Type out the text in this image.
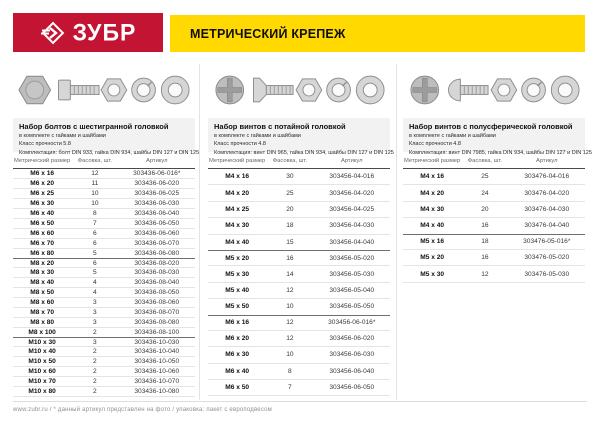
ЗУБР	МЕТРИЧЕСКИЙ КРЕПЕЖ
Набор болтов с шестигранной головкой

в комплекте с гайками и шайбами

Класс прочности 5.8

Комплектация: болт DIN 933, гайка DIN 934, шайбы DIN 127 и DIN 125

Метрический размер	Фасовка, шт.	Артикул
М6 х 16	12	303436-06-016*
М6 х 20	11	303436-06-020
М6 х 25	10	303436-06-025
М6 х 30	10	303436-06-030
М6 х 40	8	303436-06-040
М6 х 50	7	303436-06-050
М6 х 60	6	303436-06-060
М6 х 70	6	303436-06-070
М6 х 80	5	303436-06-080
М8 х 20	6	303436-08-020
М8 х 30	5	303436-08-030
М8 х 40	4	303436-08-040
М8 х 50	4	303436-08-050
М8 х 60	3	303436-08-060
М8 х 70	3	303436-08-070
М8 х 80	3	303436-08-080
М8 х 100	2	303436-08-100
М10 х 30	3	303436-10-030
М10 х 40	2	303436-10-040
М10 х 50	2	303436-10-050
М10 х 60	2	303436-10-060
М10 х 70	2	303436-10-070
М10 х 80	2	303436-10-080
Набор винтов с потайной головкой

в комплекте с гайками и шайбами

Класс прочности 4.8

Комплектация: винт DIN 965, гайка DIN 934, шайбы DIN 127 и DIN 125

Метрический размер	Фасовка, шт.	Артикул
М4 х 16	30	303456-04-016
М4 х 20	25	303456-04-020
М4 х 25	20	303456-04-025
М4 х 30	18	303456-04-030
М4 х 40	15	303456-04-040
М5 х 20	16	303456-05-020
М5 х 30	14	303456-05-030
М5 х 40	12	303456-05-040
М5 х 50	10	303456-05-050
М6 х 16	12	303456-06-016*
М6 х 20	12	303456-06-020
М6 х 30	10	303456-06-030
М6 х 40	8	303456-06-040
М6 х 50	7	303456-06-050
Набор винтов с полусферической головкой

в комплекте с гайками и шайбами

Класс прочности 4.8

Комплектация: винт DIN 7985, гайка DIN 934, шайбы DIN 127 и DIN 125

Метрический размер	Фасовка, шт.	Артикул
М4 х 16	25	303476-04-016
М4 х 20	24	303476-04-020
М4 х 30	20	303476-04-030
М4 х 40	16	303476-04-040
М5 х 16	18	303476-05-016*
М5 х 20	16	303476-05-020
М5 х 30	12	303476-05-030
www.zubr.ru / * данный артикул представлен на фото / упаковка: пакет с европодвесом
